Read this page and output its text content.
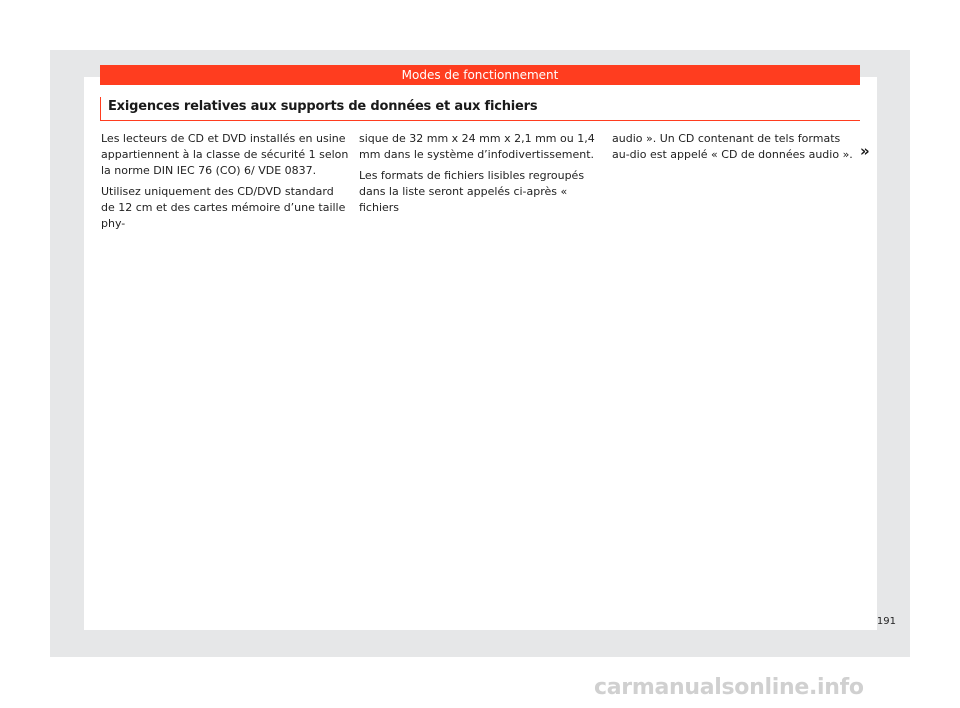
Modes de fonctionnement
Exigences relatives aux supports de données et aux fichiers

Les lecteurs de CD et DVD installés en usine appartiennent à la classe de sécurité 1 selon la norme DIN IEC 76 (CO) 6/ VDE 0837.

Utilisez uniquement des CD/DVD standard de 12 cm et des cartes mémoire d’une taille phy-

sique de 32 mm x 24 mm x 2,1 mm ou 1,4 mm dans le système d’infodivertissement.

Les formats de fichiers lisibles regroupés dans la liste seront appelés ci-après « fichiers

audio ». Un CD contenant de tels formats au-dio est appelé « CD de données audio ». »
191
carmanualsonline.info
